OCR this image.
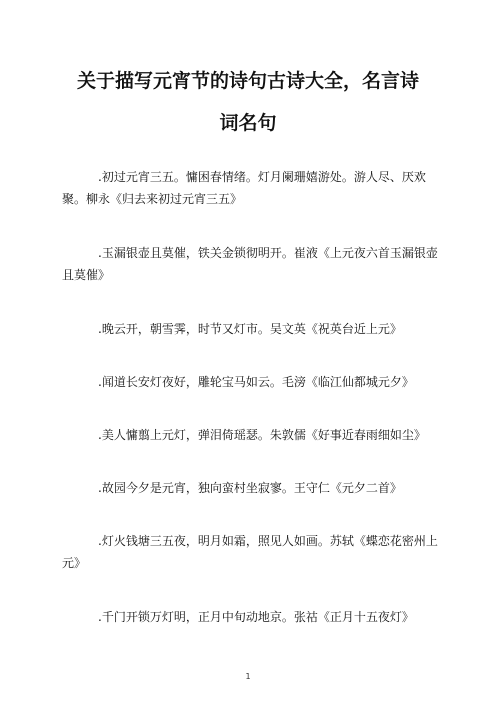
关于描写元宵节的诗句古诗大全，名言诗
词名句

.初过元宵三五。慵困春情绪。灯月阑珊嬉游处。游人尽、厌欢聚。柳永《归去来初过元宵三五》

.玉漏银壶且莫催，铁关金锁彻明开。崔液《上元夜六首玉漏银壶且莫催》

.晚云开，朝雪霁，时节又灯市。吴文英《祝英台近上元》

.闻道长安灯夜好，雕轮宝马如云。毛滂《临江仙都城元夕》

.美人慵翦上元灯，弹泪倚瑶瑟。朱敦儒《好事近春雨细如尘》

.故园今夕是元宵，独向蛮村坐寂寥。王守仁《元夕二首》

.灯火钱塘三五夜，明月如霜，照见人如画。苏轼《蝶恋花密州上元》

.千门开锁万灯明，正月中旬动地京。张祜《正月十五夜灯》

1
